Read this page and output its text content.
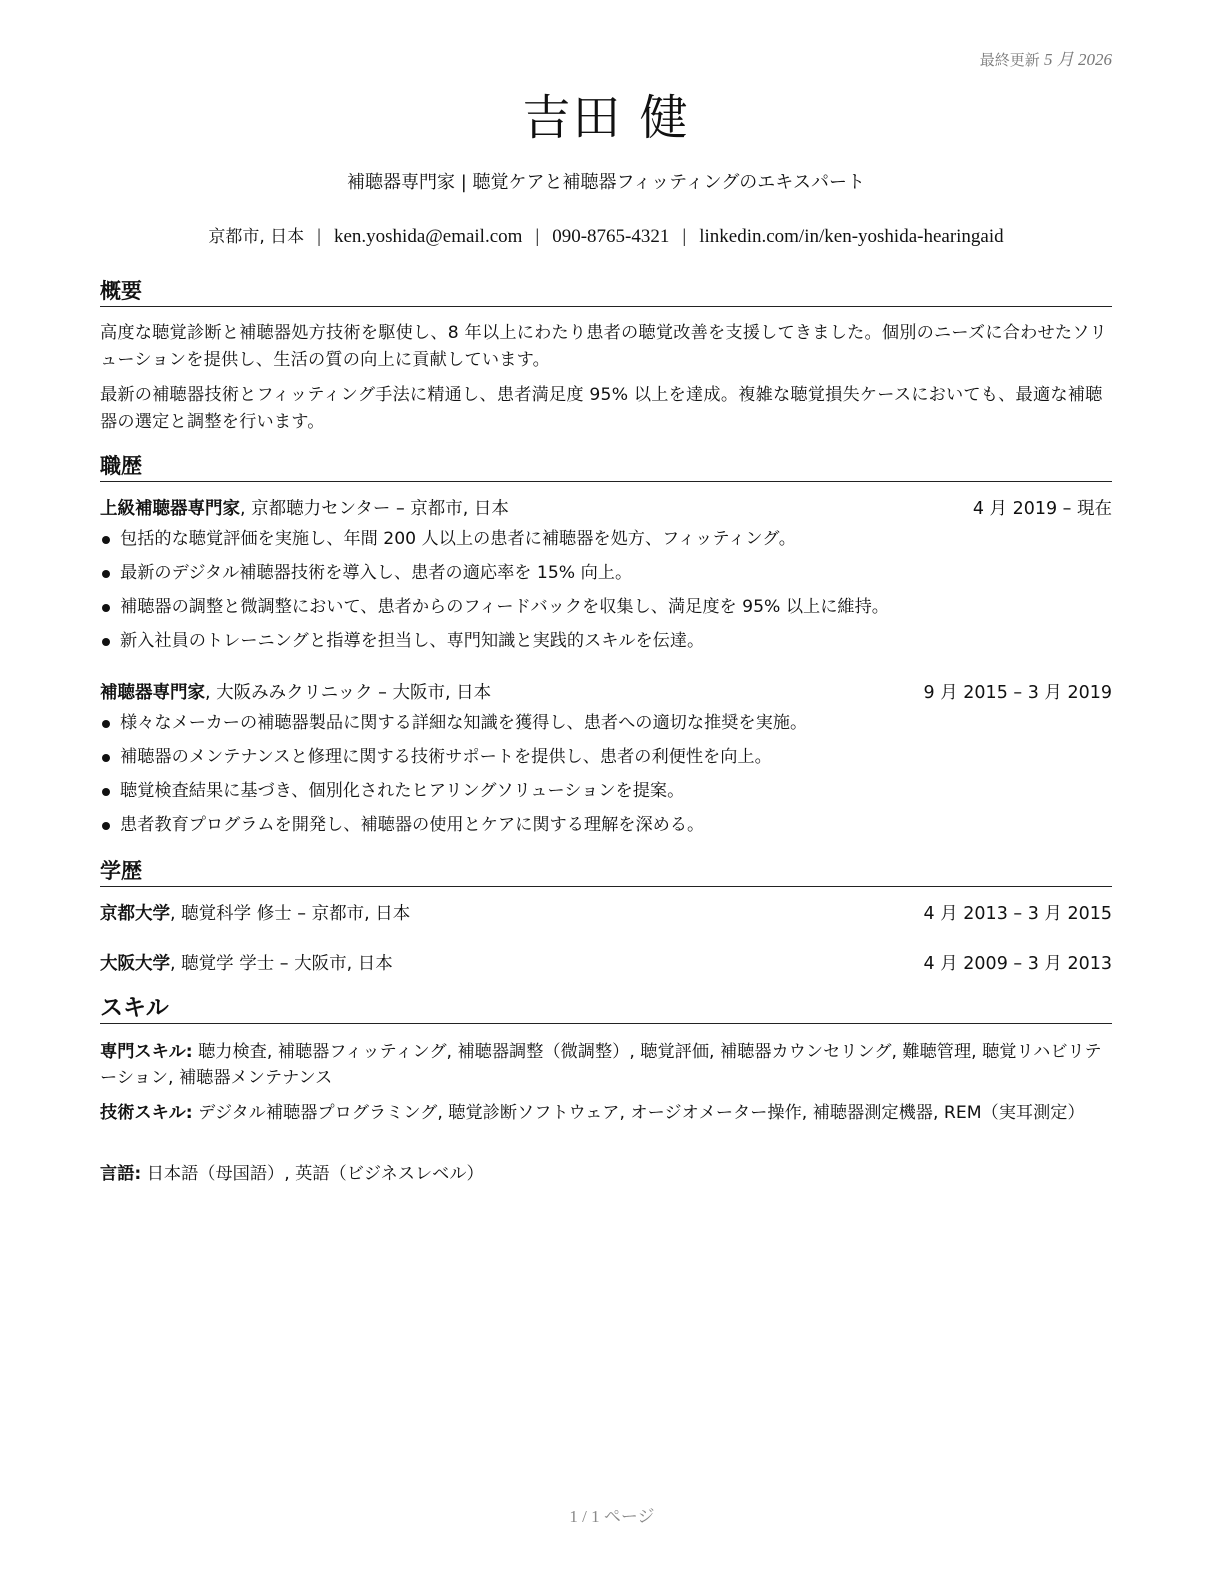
最終更新 5 月 2026
吉田 健
補聴器専門家 | 聴覚ケアと補聴器フィッティングのエキスパート
京都市, 日本 | ken.yoshida@email.com | 090-8765-4321 | linkedin.com/in/ken-yoshida-hearingaid
概要
高度な聴覚診断と補聴器処方技術を駆使し、8 年以上にわたり患者の聴覚改善を支援してきました。個別のニーズに合わせたソリューションを提供し、生活の質の向上に貢献しています。
最新の補聴器技術とフィッティング手法に精通し、患者満足度 95% 以上を達成。複雑な聴覚損失ケースにおいても、最適な補聴器の選定と調整を行います。
職歴
上級補聴器専門家, 京都聴力センター – 京都市, 日本	4 月 2019 – 現在
包括的な聴覚評価を実施し、年間 200 人以上の患者に補聴器を処方、フィッティング。
最新のデジタル補聴器技術を導入し、患者の適応率を 15% 向上。
補聴器の調整と微調整において、患者からのフィードバックを収集し、満足度を 95% 以上に維持。
新入社員のトレーニングと指導を担当し、専門知識と実践的スキルを伝達。
補聴器専門家, 大阪みみクリニック – 大阪市, 日本	9 月 2015 – 3 月 2019
様々なメーカーの補聴器製品に関する詳細な知識を獲得し、患者への適切な推奨を実施。
補聴器のメンテナンスと修理に関する技術サポートを提供し、患者の利便性を向上。
聴覚検査結果に基づき、個別化されたヒアリングソリューションを提案。
患者教育プログラムを開発し、補聴器の使用とケアに関する理解を深める。
学歴
京都大学, 聴覚科学 修士 – 京都市, 日本	4 月 2013 – 3 月 2015
大阪大学, 聴覚学 学士 – 大阪市, 日本	4 月 2009 – 3 月 2013
スキル
専門スキル: 聴力検査, 補聴器フィッティング, 補聴器調整（微調整）, 聴覚評価, 補聴器カウンセリング, 難聴管理, 聴覚リハビリテーション, 補聴器メンテナンス
技術スキル: デジタル補聴器プログラミング, 聴覚診断ソフトウェア, オージオメーター操作, 補聴器測定機器, REM（実耳測定）
言語: 日本語（母国語）, 英語（ビジネスレベル）
1 / 1 ページ
